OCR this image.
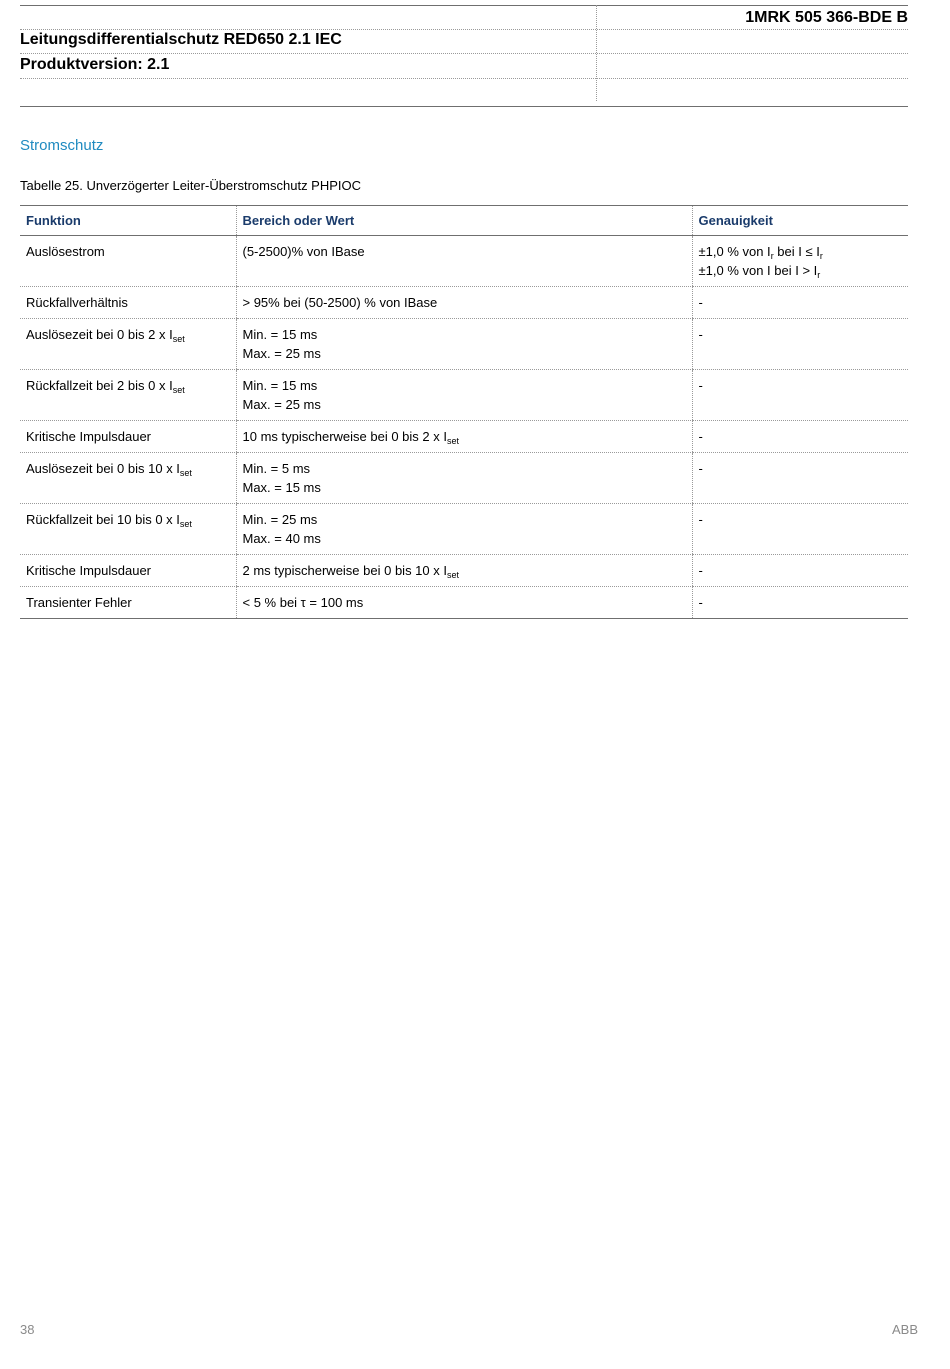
1MRK 505 366-BDE B
Leitungsdifferentialschutz RED650 2.1 IEC
Produktversion: 2.1
Stromschutz
Tabelle 25. Unverzögerter Leiter-Überstromschutz PHPIOC
Funktion	Bereich oder Wert	Genauigkeit
Auslösestrom	(5-2500)% von IBase	±1,0 % von $I_r$ bei $I \le I_r$
±1,0 % von I bei $I > I_r$

Rückfallverhältnis	> 95% bei (50-2500) % von IBase	-

Auslösezeit bei 0 bis 2 x $I_{set}$	Min. = 15 ms
Max. = 25 ms	-

Rückfallzeit bei 2 bis 0 x $I_{set}$	Min. = 15 ms
Max. = 25 ms	-

Kritische Impulsdauer	10 ms typischerweise bei 0 bis 2 x $I_{set}$	-

Auslösezeit bei 0 bis 10 x $I_{set}$	Min. = 5 ms
Max. = 15 ms	-

Rückfallzeit bei 10 bis 0 x $I_{set}$	Min. = 25 ms
Max. = 40 ms	-

Kritische Impulsdauer	2 ms typischerweise bei 0 bis 10 x $I_{set}$	-

Transienter Fehler	< 5 % bei τ = 100 ms	-
38	ABB
